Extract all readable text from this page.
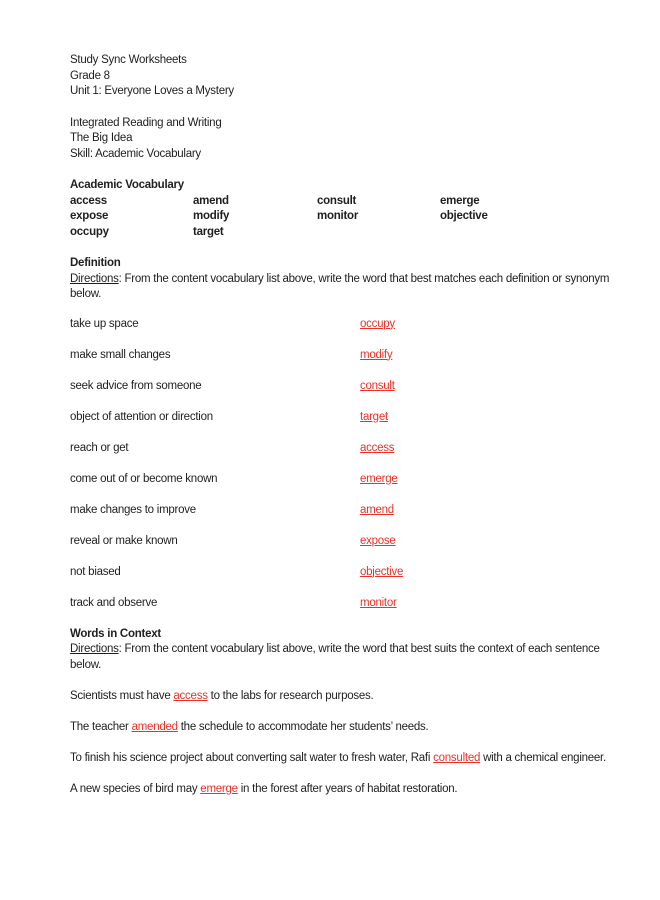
Study Sync Worksheets
Grade 8
Unit 1: Everyone Loves a Mystery
Integrated Reading and Writing
The Big Idea
Skill: Academic Vocabulary
Academic Vocabulary
access	amend	consult	emerge
expose	modify	monitor	objective
occupy	target
Definition

Directions: From the content vocabulary list above, write the word that best matches each definition or synonym below.

take up space	occupy
make small changes	modify
seek advice from someone	consult
object of attention or direction	target
reach or get	access
come out of or become known	emerge
make changes to improve	amend
reveal or make known	expose
not biased	objective
track and observe	monitor
Words in Context

Directions: From the content vocabulary list above, write the word that best suits the context of each sentence below.

Scientists must have access to the labs for research purposes.

The teacher amended the schedule to accommodate her students’ needs.

To finish his science project about converting salt water to fresh water, Rafi consulted with a chemical engineer.

A new species of bird may emerge in the forest after years of habitat restoration.
